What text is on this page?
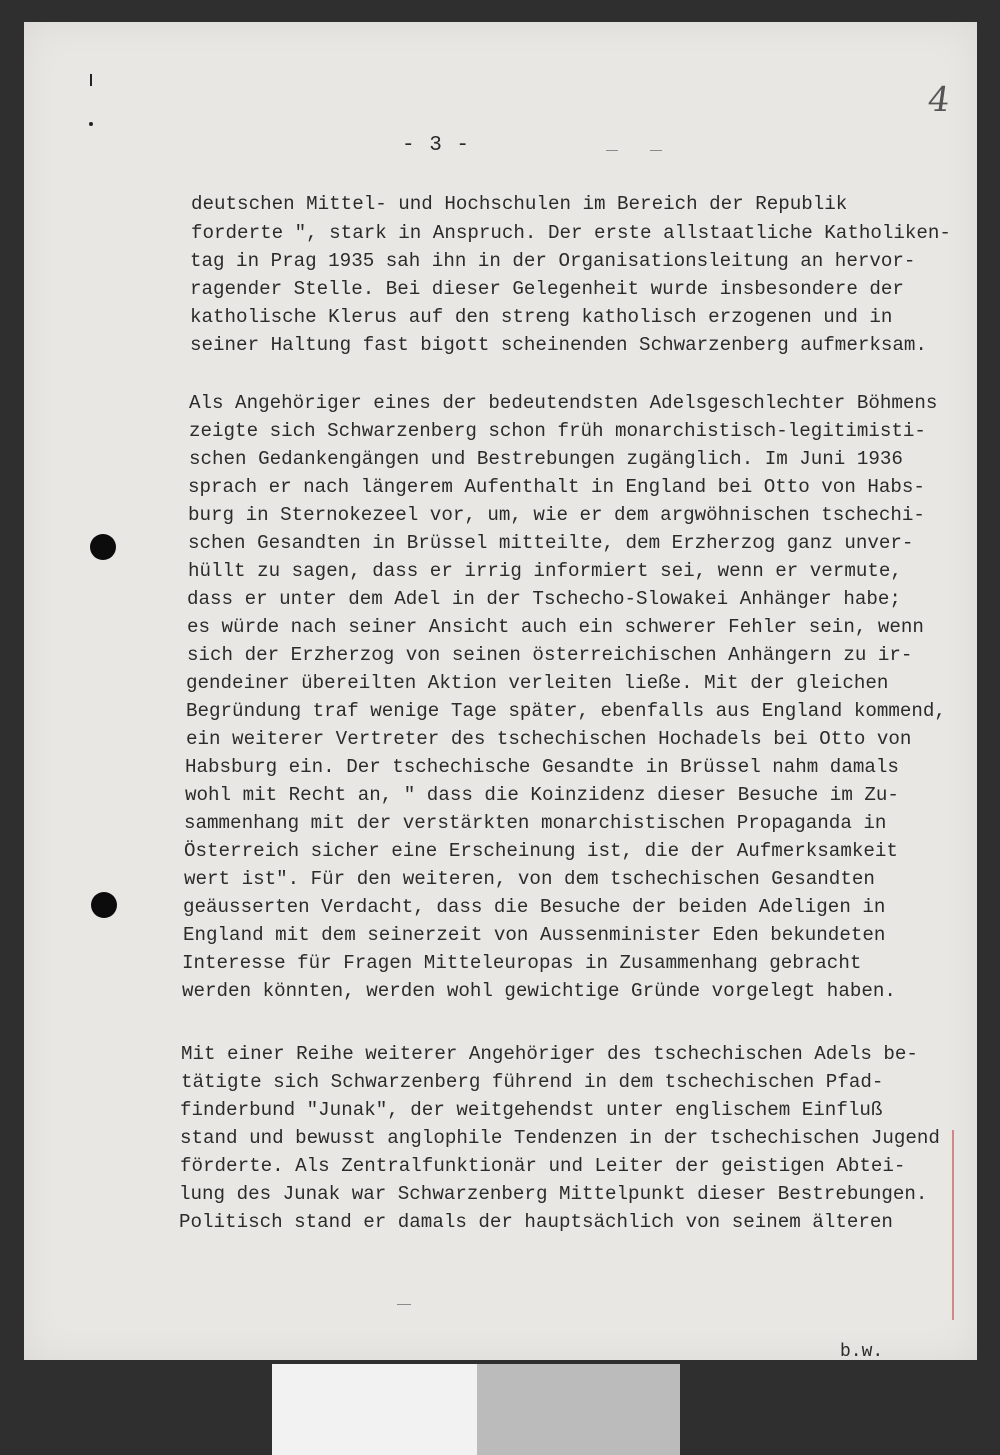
4
- 3 -
deutschen Mittel- und Hochschulen im Bereich der Republik
forderte ", stark in Anspruch. Der erste allstaatliche Katholiken-
tag in Prag 1935 sah ihn in der Organisationsleitung an hervor-
ragender Stelle. Bei dieser Gelegenheit wurde insbesondere der
katholische Klerus auf den streng katholisch erzogenen und in
seiner Haltung fast bigott scheinenden Schwarzenberg aufmerksam.
Als Angehöriger eines der bedeutendsten Adelsgeschlechter Böhmens
zeigte sich Schwarzenberg schon früh monarchistisch-legitimisti-
schen Gedankengängen und Bestrebungen zugänglich. Im Juni 1936
sprach er nach längerem Aufenthalt in England bei Otto von Habs-
burg in Sternokezeel vor, um, wie er dem argwöhnischen tschechi-
schen Gesandten in Brüssel mitteilte, dem Erzherzog ganz unver-
hüllt zu sagen, dass er irrig informiert sei, wenn er vermute,
dass er unter dem Adel in der Tschecho-Slowakei Anhänger habe;
es würde nach seiner Ansicht auch ein schwerer Fehler sein, wenn
sich der Erzherzog von seinen österreichischen Anhängern zu ir-
gendeiner übereilten Aktion verleiten ließe. Mit der gleichen
Begründung traf wenige Tage später, ebenfalls aus England kommend,
ein weiterer Vertreter des tschechischen Hochadels bei Otto von
Habsburg ein. Der tschechische Gesandte in Brüssel nahm damals
wohl mit Recht an, " dass die Koinzidenz dieser Besuche im Zu-
sammenhang mit der verstärkten monarchistischen Propaganda in
Österreich sicher eine Erscheinung ist, die der Aufmerksamkeit
wert ist". Für den weiteren, von dem tschechischen Gesandten
geäusserten Verdacht, dass die Besuche der beiden Adeligen in
England mit dem seinerzeit von Aussenminister Eden bekundeten
Interesse für Fragen Mitteleuropas in Zusammenhang gebracht
werden könnten, werden wohl gewichtige Gründe vorgelegt haben.
Mit einer Reihe weiterer Angehöriger des tschechischen Adels be-
tätigte sich Schwarzenberg führend in dem tschechischen Pfad-
finderbund "Junak", der weitgehendst unter englischem Einfluß
stand und bewusst anglophile Tendenzen in der tschechischen Jugend
förderte. Als Zentralfunktionär und Leiter der geistigen Abtei-
lung des Junak war Schwarzenberg Mittelpunkt dieser Bestrebungen.
Politisch stand er damals der hauptsächlich von seinem älteren
b.w.
